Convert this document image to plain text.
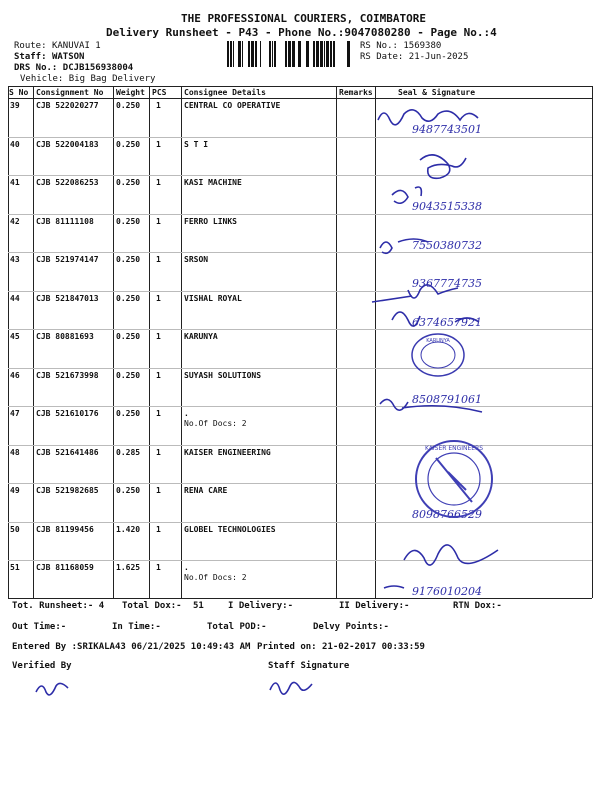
THE PROFESSIONAL COURIERS, COIMBATORE
Delivery Runsheet - P43 - Phone No.:9047080280 - Page No.:4
Route: KANUVAI 1
Staff: WATSON
DRS No.: DCJB156938004
Vehicle: Big Bag Delivery
RS No.: 1569380
RS Date: 21-Jun-2025
S No Consignment No Weight PCS Consignee Details	Remarks	Seal & Signature
39 CJB 522020277 0.250 1	CENTRAL CO OPERATIVE
9487743501
40 CJB 522004183 0.250 1	S T I
41 CJB 522086253 0.250 1	KASI MACHINE
9043515338
42 CJB 81111108	0.250 1	FERRO LINKS
7550380732
43 CJB 521974147 0.250 1	SRSON
9367774735
44 CJB 521847013 0.250 1	VISHAL ROYAL
6374657921
45 CJB 80881693	0.250 1	KARUNYA
46 CJB 521673998 0.250 1	SUYASH SOLUTIONS
8508791061
47 CJB 521610176 0.250 1	.
No.Of Docs: 2
48 CJB 521641486 0.285 1	KAISER ENGINEERING
49 CJB 521982685 0.250 1	RENA CARE
8098766529
50 CJB 81199456	1.420 1	GLOBEL TECHNOLOGIES
51 CJB 81168059	1.625 1	.
No.Of Docs: 2
9176010204
KARUNYA
KAISER ENGINEERS
Tot. Runsheet:- 4 Total Dox:- 51	I Delivery:-	II Delivery:-	RTN Dox:-
Out Time:-	In Time:-	Total POD:-	Delvy Points:-
Entered By :SRIKALA43 06/21/2025 10:49:43 AM Printed on: 21-02-2017 00:33:59
Verified By	Staff Signature
